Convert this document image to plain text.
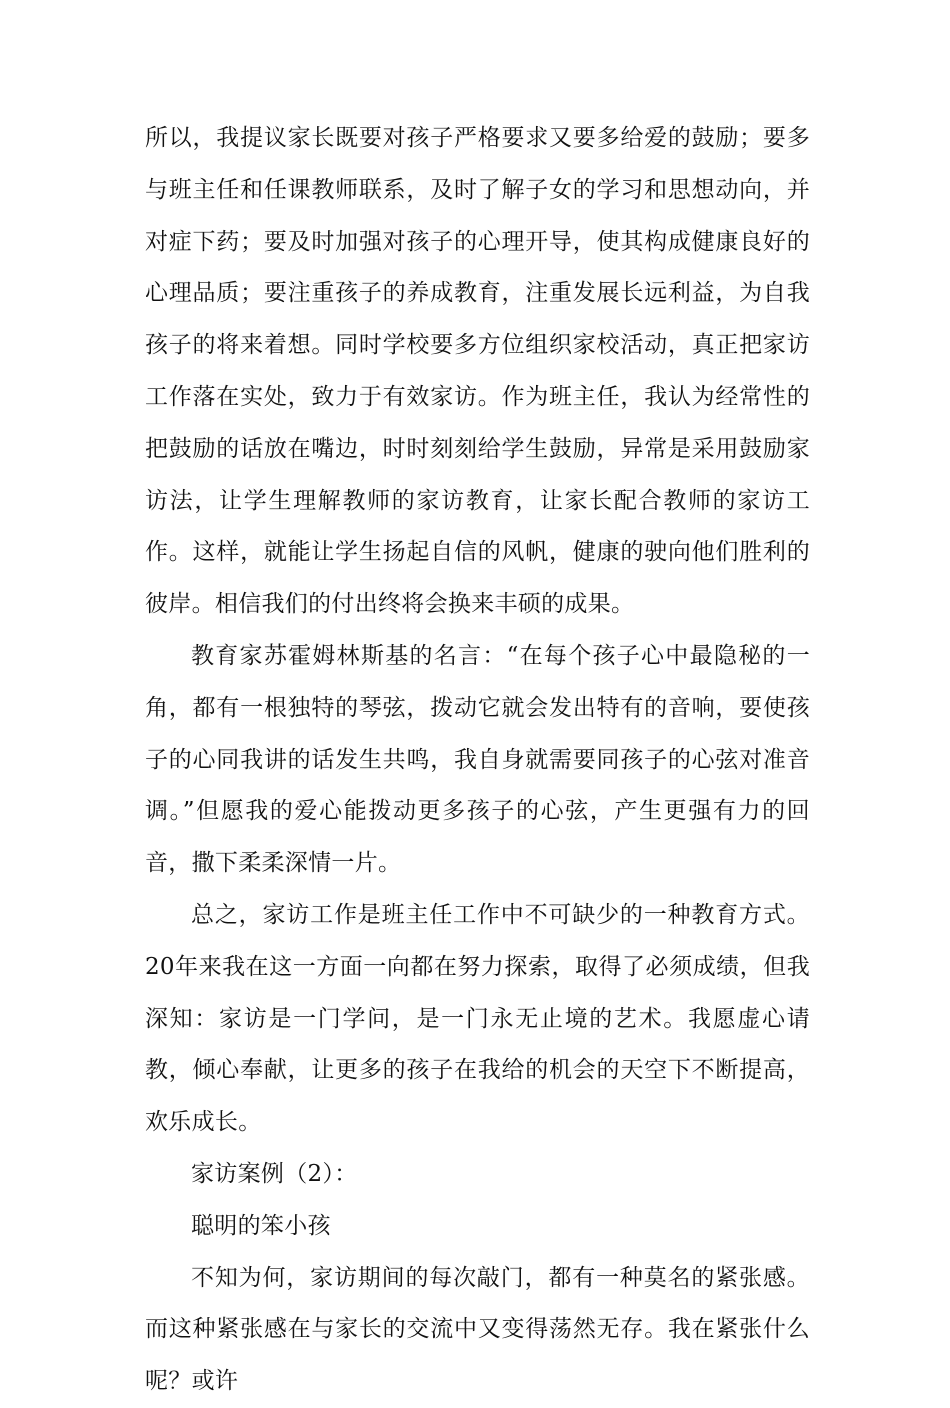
所以，我提议家长既要对孩子严格要求又要多给爱的鼓励；要多与班主任和任课教师联系，及时了解子女的学习和思想动向，并对症下药；要及时加强对孩子的心理开导，使其构成健康良好的心理品质；要注重孩子的养成教育，注重发展长远利益，为自我孩子的将来着想。同时学校要多方位组织家校活动，真正把家访工作落在实处，致力于有效家访。作为班主任，我认为经常性的把鼓励的话放在嘴边，时时刻刻给学生鼓励，异常是采用鼓励家访法，让学生理解教师的家访教育，让家长配合教师的家访工作。这样，就能让学生扬起自信的风帆，健康的驶向他们胜利的彼岸。相信我们的付出终将会换来丰硕的成果。

教育家苏霍姆林斯基的名言：“在每个孩子心中最隐秘的一角，都有一根独特的琴弦，拨动它就会发出特有的音响，要使孩子的心同我讲的话发生共鸣，我自身就需要同孩子的心弦对准音调。”但愿我的爱心能拨动更多孩子的心弦，产生更强有力的回音，撒下柔柔深情一片。

总之，家访工作是班主任工作中不可缺少的一种教育方式。20年来我在这一方面一向都在努力探索，取得了必须成绩，但我深知：家访是一门学问，是一门永无止境的艺术。我愿虚心请教，倾心奉献，让更多的孩子在我给的机会的天空下不断提高，欢乐成长。

家访案例（2）：

聪明的笨小孩

不知为何，家访期间的每次敲门，都有一种莫名的紧张感。而这种紧张感在与家长的交流中又变得荡然无存。我在紧张什么呢？或许
